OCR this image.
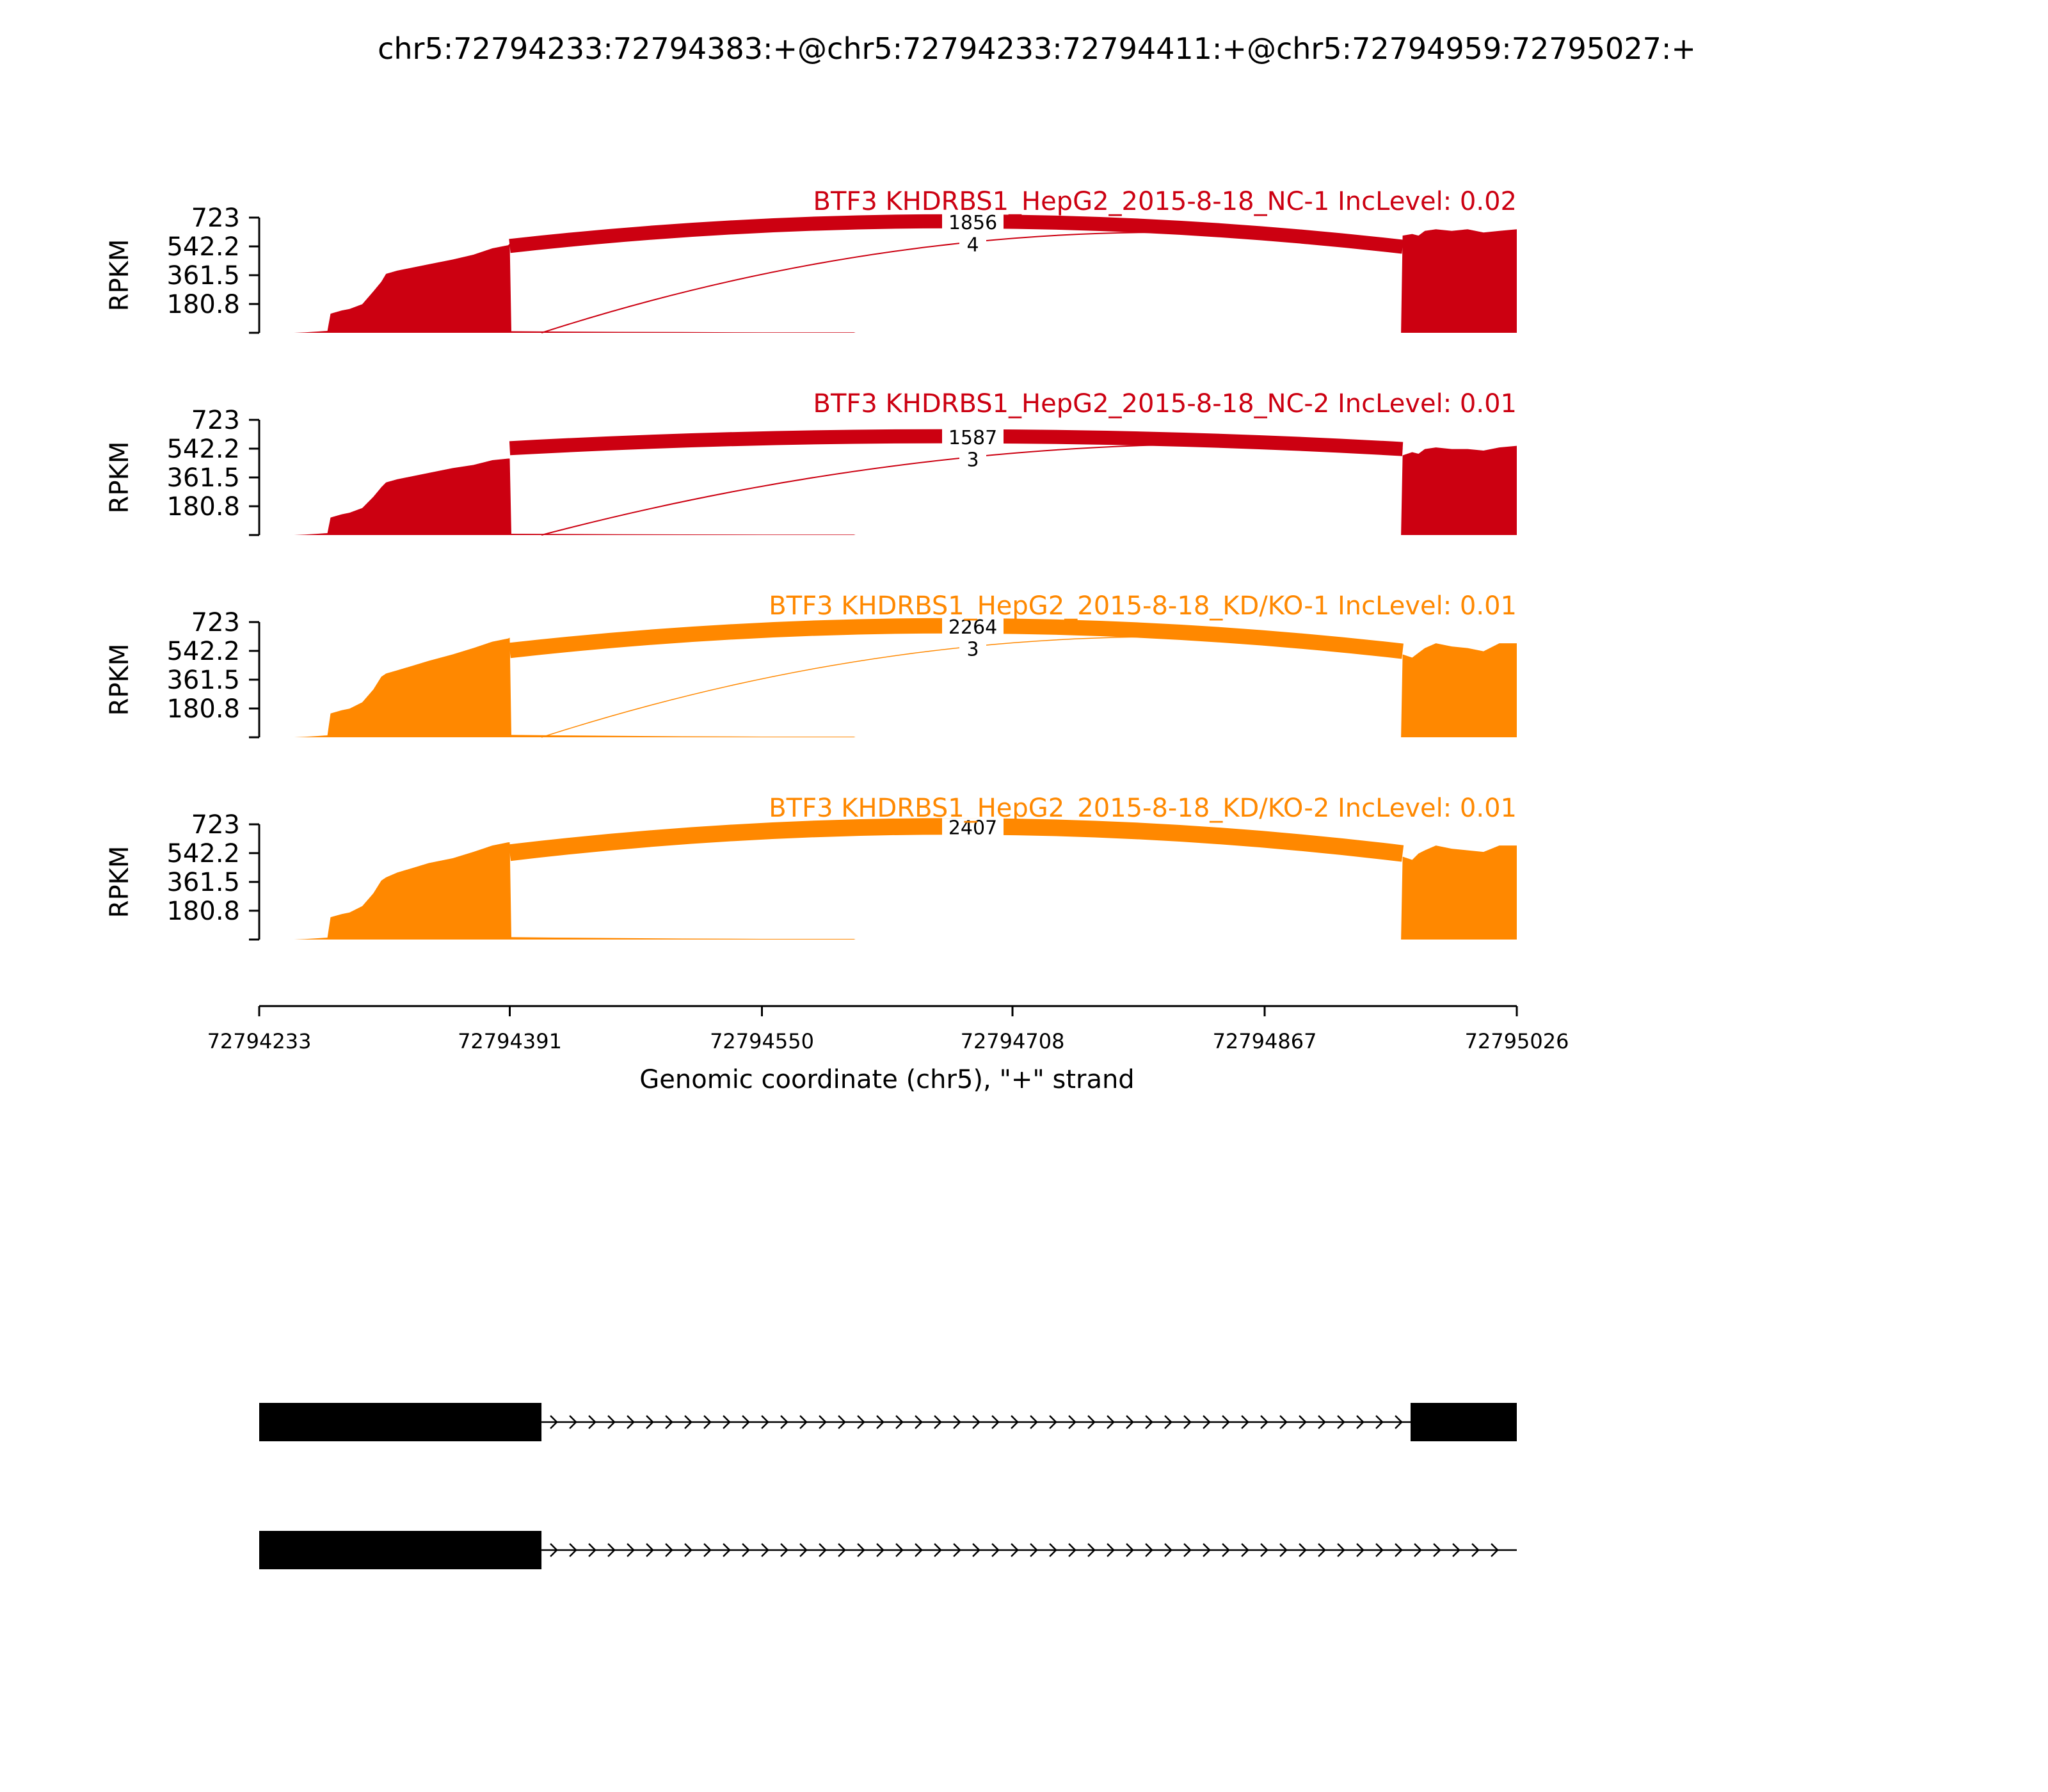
chr5:72794233:72794383:+@chr5:72794233:72794411:+@chr5:72794959:72795027:+
1856
4
723
542.2
361.5
180.8
RPKM
BTF3 KHDRBS1_HepG2_2015-8-18_NC-1 IncLevel: 0.02
1587
3
723
542.2
361.5
180.8
RPKM
BTF3 KHDRBS1_HepG2_2015-8-18_NC-2 IncLevel: 0.01
2264
3
723
542.2
361.5
180.8
RPKM
BTF3 KHDRBS1_HepG2_2015-8-18_KD/KO-1 IncLevel: 0.01
2407
723
542.2
361.5
180.8
RPKM
BTF3 KHDRBS1_HepG2_2015-8-18_KD/KO-2 IncLevel: 0.01
72794233	72794391	72794550	72794708	72794867	72795026
Genomic coordinate (chr5), "+" strand
